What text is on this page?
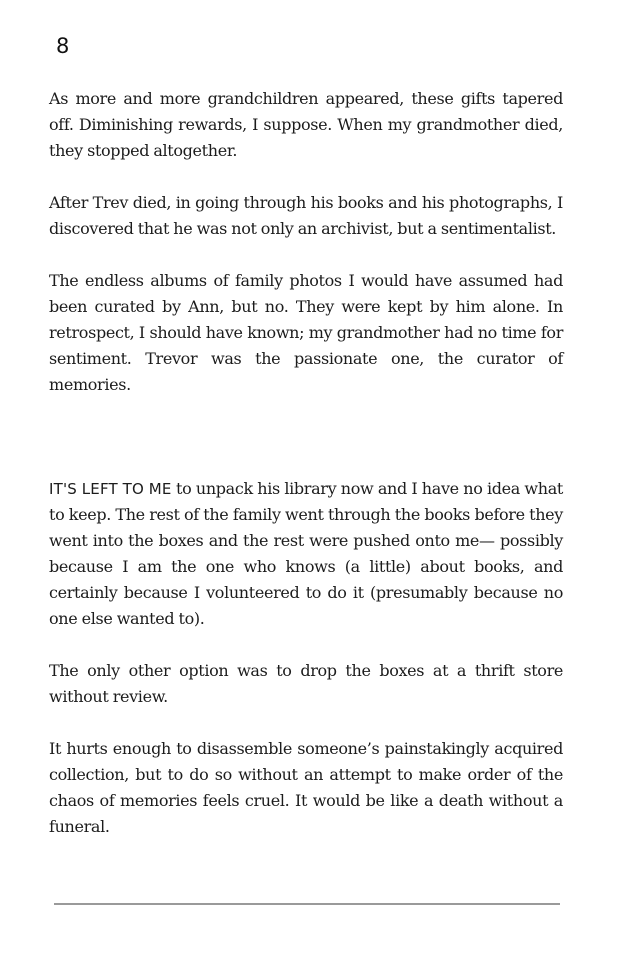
8

As more and more grandchildren appeared, these gifts tapered off. Diminishing rewards, I suppose. When my grandmother died, they stopped altogether.

After Trev died, in going through his books and his photographs, I discovered that he was not only an archivist, but a sentimentalist.

The endless albums of family photos I would have assumed had been curated by Ann, but no. They were kept by him alone. In retrospect, I should have known; my grandmother had no time for sentiment. Trevor was the passionate one, the curator of memories.

IT'S LEFT TO ME to unpack his library now and I have no idea what to keep. The rest of the family went through the books before they went into the boxes and the rest were pushed onto me— possibly because I am the one who knows (a little) about books, and certainly because I volunteered to do it (presumably because no one else wanted to).

The only other option was to drop the boxes at a thrift store without review.

It hurts enough to disassemble someone’s painstakingly acquired collection, but to do so without an attempt to make order of the chaos of memories feels cruel. It would be like a death without a funeral.
